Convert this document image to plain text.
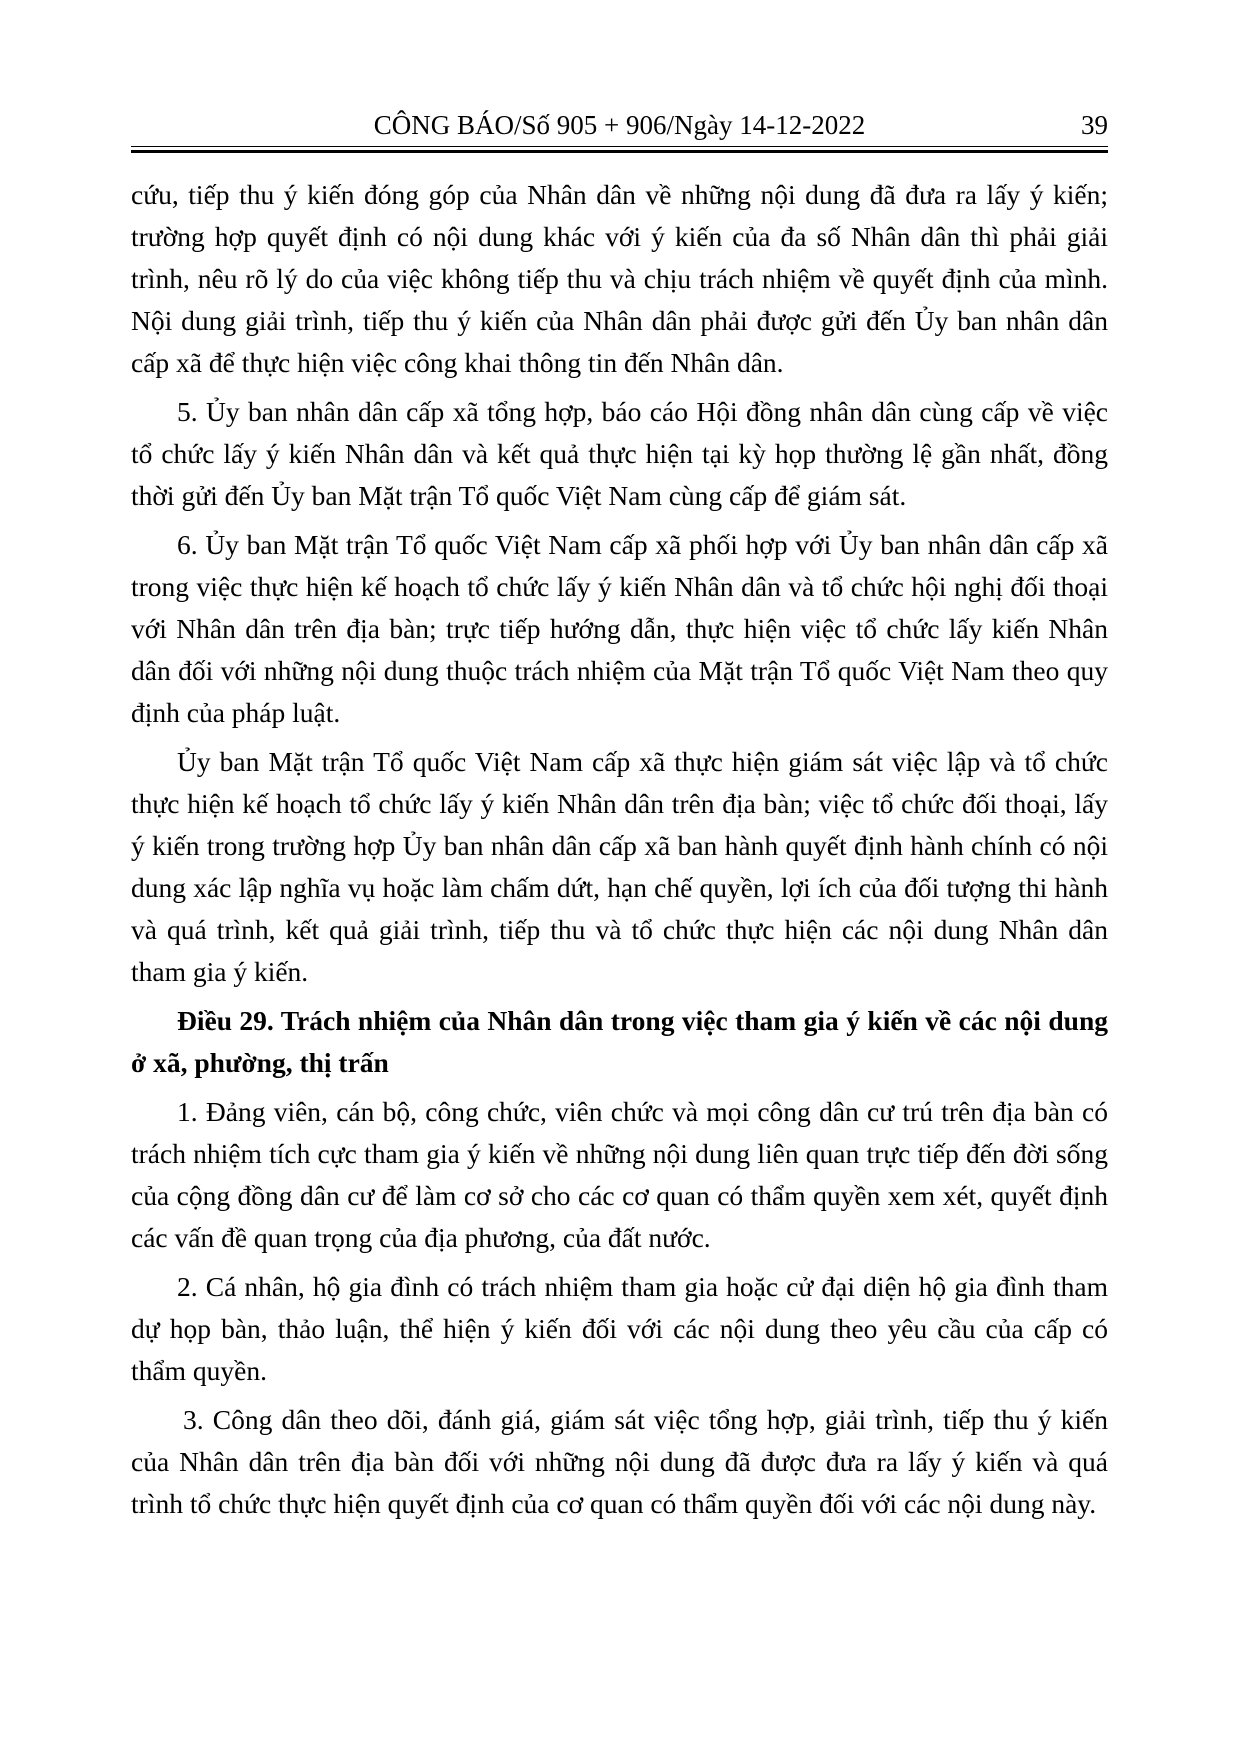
CÔNG BÁO/Số 905 + 906/Ngày 14-12-2022	39

cứu, tiếp thu ý kiến đóng góp của Nhân dân về những nội dung đã đưa ra lấy ý kiến; trường hợp quyết định có nội dung khác với ý kiến của đa số Nhân dân thì phải giải trình, nêu rõ lý do của việc không tiếp thu và chịu trách nhiệm về quyết định của mình. Nội dung giải trình, tiếp thu ý kiến của Nhân dân phải được gửi đến Ủy ban nhân dân cấp xã để thực hiện việc công khai thông tin đến Nhân dân.

5. Ủy ban nhân dân cấp xã tổng hợp, báo cáo Hội đồng nhân dân cùng cấp về việc tổ chức lấy ý kiến Nhân dân và kết quả thực hiện tại kỳ họp thường lệ gần nhất, đồng thời gửi đến Ủy ban Mặt trận Tổ quốc Việt Nam cùng cấp để giám sát.

6. Ủy ban Mặt trận Tổ quốc Việt Nam cấp xã phối hợp với Ủy ban nhân dân cấp xã trong việc thực hiện kế hoạch tổ chức lấy ý kiến Nhân dân và tổ chức hội nghị đối thoại với Nhân dân trên địa bàn; trực tiếp hướng dẫn, thực hiện việc tổ chức lấy kiến Nhân dân đối với những nội dung thuộc trách nhiệm của Mặt trận Tổ quốc Việt Nam theo quy định của pháp luật.

Ủy ban Mặt trận Tổ quốc Việt Nam cấp xã thực hiện giám sát việc lập và tổ chức thực hiện kế hoạch tổ chức lấy ý kiến Nhân dân trên địa bàn; việc tổ chức đối thoại, lấy ý kiến trong trường hợp Ủy ban nhân dân cấp xã ban hành quyết định hành chính có nội dung xác lập nghĩa vụ hoặc làm chấm dứt, hạn chế quyền, lợi ích của đối tượng thi hành và quá trình, kết quả giải trình, tiếp thu và tổ chức thực hiện các nội dung Nhân dân tham gia ý kiến.

Điều 29. Trách nhiệm của Nhân dân trong việc tham gia ý kiến về các nội dung ở xã, phường, thị trấn

1. Đảng viên, cán bộ, công chức, viên chức và mọi công dân cư trú trên địa bàn có trách nhiệm tích cực tham gia ý kiến về những nội dung liên quan trực tiếp đến đời sống của cộng đồng dân cư để làm cơ sở cho các cơ quan có thẩm quyền xem xét, quyết định các vấn đề quan trọng của địa phương, của đất nước.

2. Cá nhân, hộ gia đình có trách nhiệm tham gia hoặc cử đại diện hộ gia đình tham dự họp bàn, thảo luận, thể hiện ý kiến đối với các nội dung theo yêu cầu của cấp có thẩm quyền.

3. Công dân theo dõi, đánh giá, giám sát việc tổng hợp, giải trình, tiếp thu ý kiến của Nhân dân trên địa bàn đối với những nội dung đã được đưa ra lấy ý kiến và quá trình tổ chức thực hiện quyết định của cơ quan có thẩm quyền đối với các nội dung này.
